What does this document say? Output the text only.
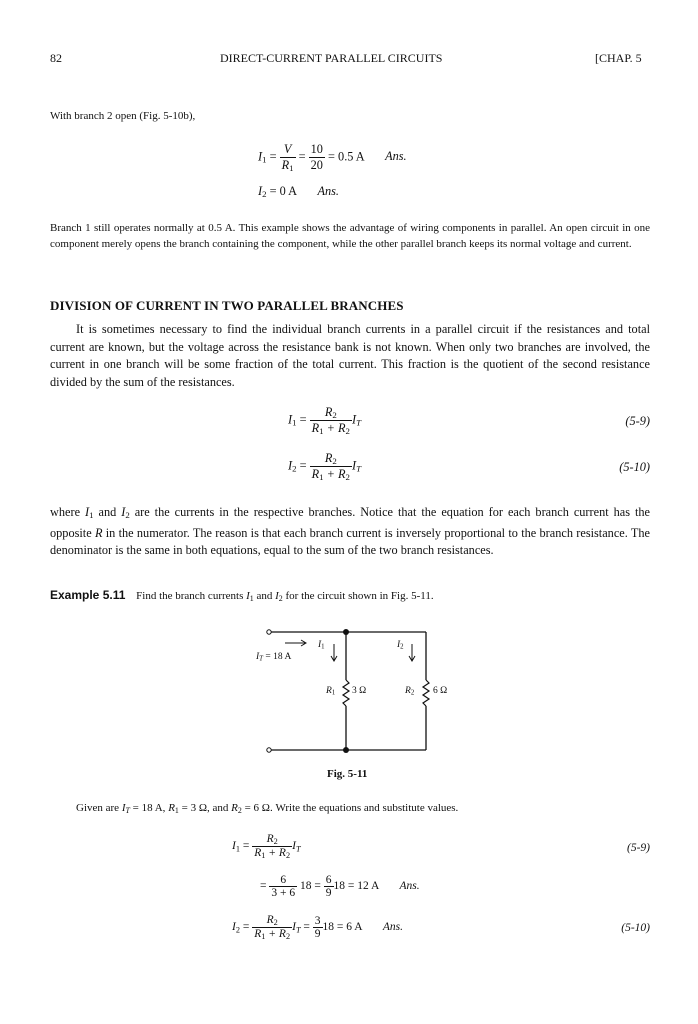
82	DIRECT-CURRENT PARALLEL CIRCUITS	[CHAP. 5
With branch 2 open (Fig. 5-10b),
$I_1 = \frac{V}{R_1} = \frac{10}{20} = 0.5$ A Ans.
$I_2 = 0$ A Ans.
Branch 1 still operates normally at 0.5 A. This example shows the advantage of wiring components in parallel. An open circuit in one component merely opens the branch containing the component, while the other parallel branch keeps its normal voltage and current.
DIVISION OF CURRENT IN TWO PARALLEL BRANCHES
It is sometimes necessary to find the individual branch currents in a parallel circuit if the resistances and total current are known, but the voltage across the resistance bank is not known. When only two branches are involved, the current in one branch will be some fraction of the total current. This fraction is the quotient of the second resistance divided by the sum of the resistances.
$I_1 = \frac{R_2}{R_1 + R_2} I_T$	(5-9)
$I_2 = \frac{R_2}{R_1 + R_2} I_T$	(5-10)
where $I_1$ and $I_2$ are the currents in the respective branches. Notice that the equation for each branch current has the opposite R in the numerator. The reason is that each branch current is inversely proportional to the branch resistance. The denominator is the same in both equations, equal to the sum of the two branch resistances.
Example 5.11 Find the branch currents $I_1$ and $I_2$ for the circuit shown in Fig. 5-11.
$I_T = 18$ A
$I_1$	$I_2$
$R_1$ 3 Ω	$R_2$ 6 Ω
Fig. 5-11
Given are $I_T = 18$ A, $R_1 = 3$ Ω, and $R_2 = 6$ Ω. Write the equations and substitute values.
$I_1 = \frac{R_2}{R_1 + R_2} I_T$	(5-9)
= $\frac{6}{3 + 6} 18 = \frac{6}{9} 18 = 12$ A Ans.
$I_2 = \frac{R_2}{R_1 + R_2} I_T = \frac{3}{9} 18 = 6$ A Ans.	(5-10)
